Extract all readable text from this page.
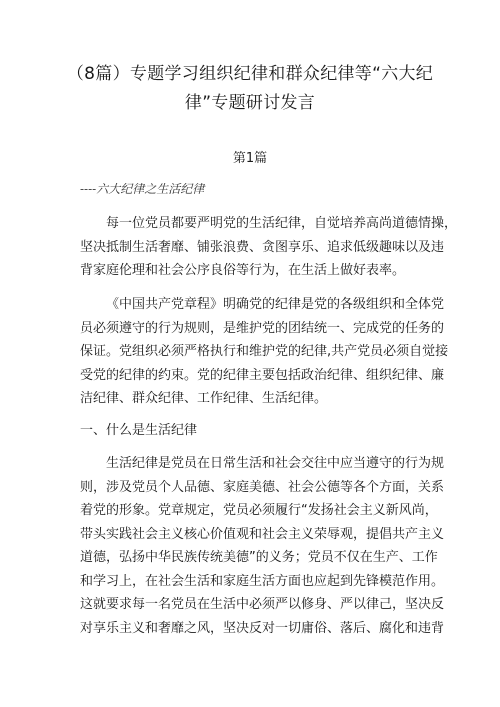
（8篇）专题学习组织纪律和群众纪律等“六大纪
律”专题研讨发言
第1篇
----六大纪律之生活纪律
每一位党员都要严明党的生活纪律，自觉培养高尚道德情操，
坚决抵制生活奢靡、铺张浪费、贪图享乐、追求低级趣味以及违
背家庭伦理和社会公序良俗等行为，在生活上做好表率。
《中国共产党章程》明确党的纪律是党的各级组织和全体党
员必须遵守的行为规则，是维护党的团结统一、完成党的任务的
保证。党组织必须严格执行和维护党的纪律,共产党员必须自觉接
受党的纪律的约束。党的纪律主要包括政治纪律、组织纪律、廉
洁纪律、群众纪律、工作纪律、生活纪律。
一、什么是生活纪律
生活纪律是党员在日常生活和社会交往中应当遵守的行为规
则，涉及党员个人品德、家庭美德、社会公德等各个方面，关系
着党的形象。党章规定，党员必须履行“发扬社会主义新风尚，
带头实践社会主义核心价值观和社会主义荣辱观，提倡共产主义
道德，弘扬中华民族传统美德”的义务；党员不仅在生产、工作
和学习上，在社会生活和家庭生活方面也应起到先锋模范作用。
这就要求每一名党员在生活中必须严以修身、严以律己，坚决反
对享乐主义和奢靡之风，坚决反对一切庸俗、落后、腐化和违背
